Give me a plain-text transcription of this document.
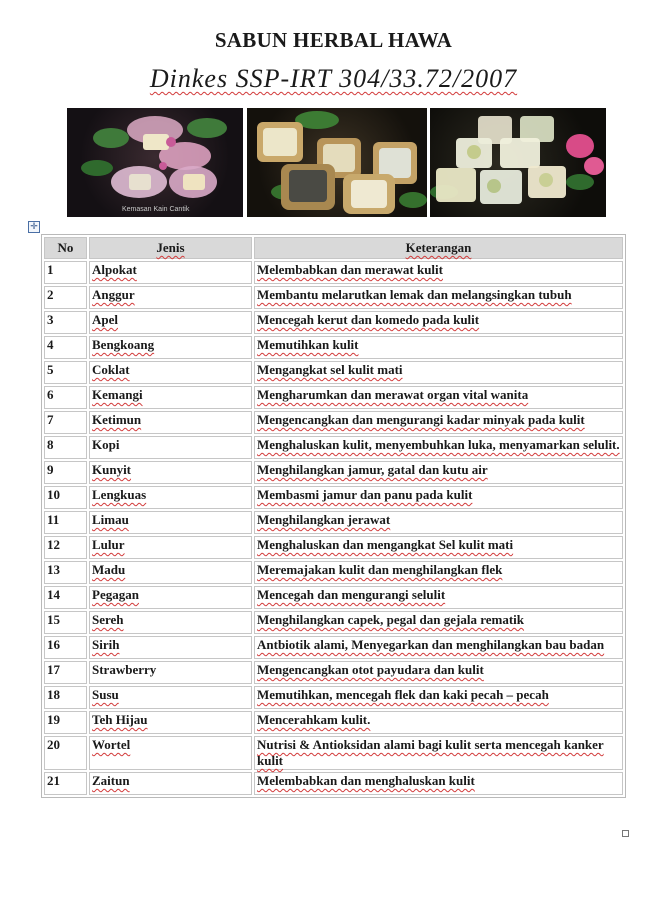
SABUN HERBAL HAWA
Dinkes SSP-IRT 304/33.72/2007
Kemasan Kain Cantik
✛
No	Jenis	Keterangan
1	Alpokat	Melembabkan dan merawat kulit
2	Anggur	Membantu melarutkan lemak dan melangsingkan tubuh
3	Apel	Mencegah kerut dan komedo pada kulit
4	Bengkoang	Memutihkan kulit
5	Coklat	Mengangkat sel kulit mati
6	Kemangi	Mengharumkan dan merawat organ vital wanita
7	Ketimun	Mengencangkan dan mengurangi kadar minyak pada kulit
8	Kopi	Menghaluskan kulit, menyembuhkan luka, menyamarkan selulit.
9	Kunyit	Menghilangkan jamur, gatal dan kutu air
10	Lengkuas	Membasmi jamur dan panu pada kulit
11	Limau	Menghilangkan jerawat
12	Lulur	Menghaluskan dan mengangkat Sel kulit mati
13	Madu	Meremajakan kulit dan menghilangkan flek
14	Pegagan	Mencegah dan mengurangi selulit
15	Sereh	Menghilangkan capek, pegal dan gejala rematik
16	Sirih	Antbiotik alami, Menyegarkan dan menghilangkan bau badan
17	Strawberry	Mengencangkan otot payudara dan kulit
18	Susu	Memutihkan, mencegah flek dan kaki pecah – pecah
19	Teh Hijau	Mencerahkam kulit.
20	Wortel	Nutrisi & Antioksidan alami bagi kulit serta mencegah kanker kulit
21	Zaitun	Melembabkan dan menghaluskan kulit
